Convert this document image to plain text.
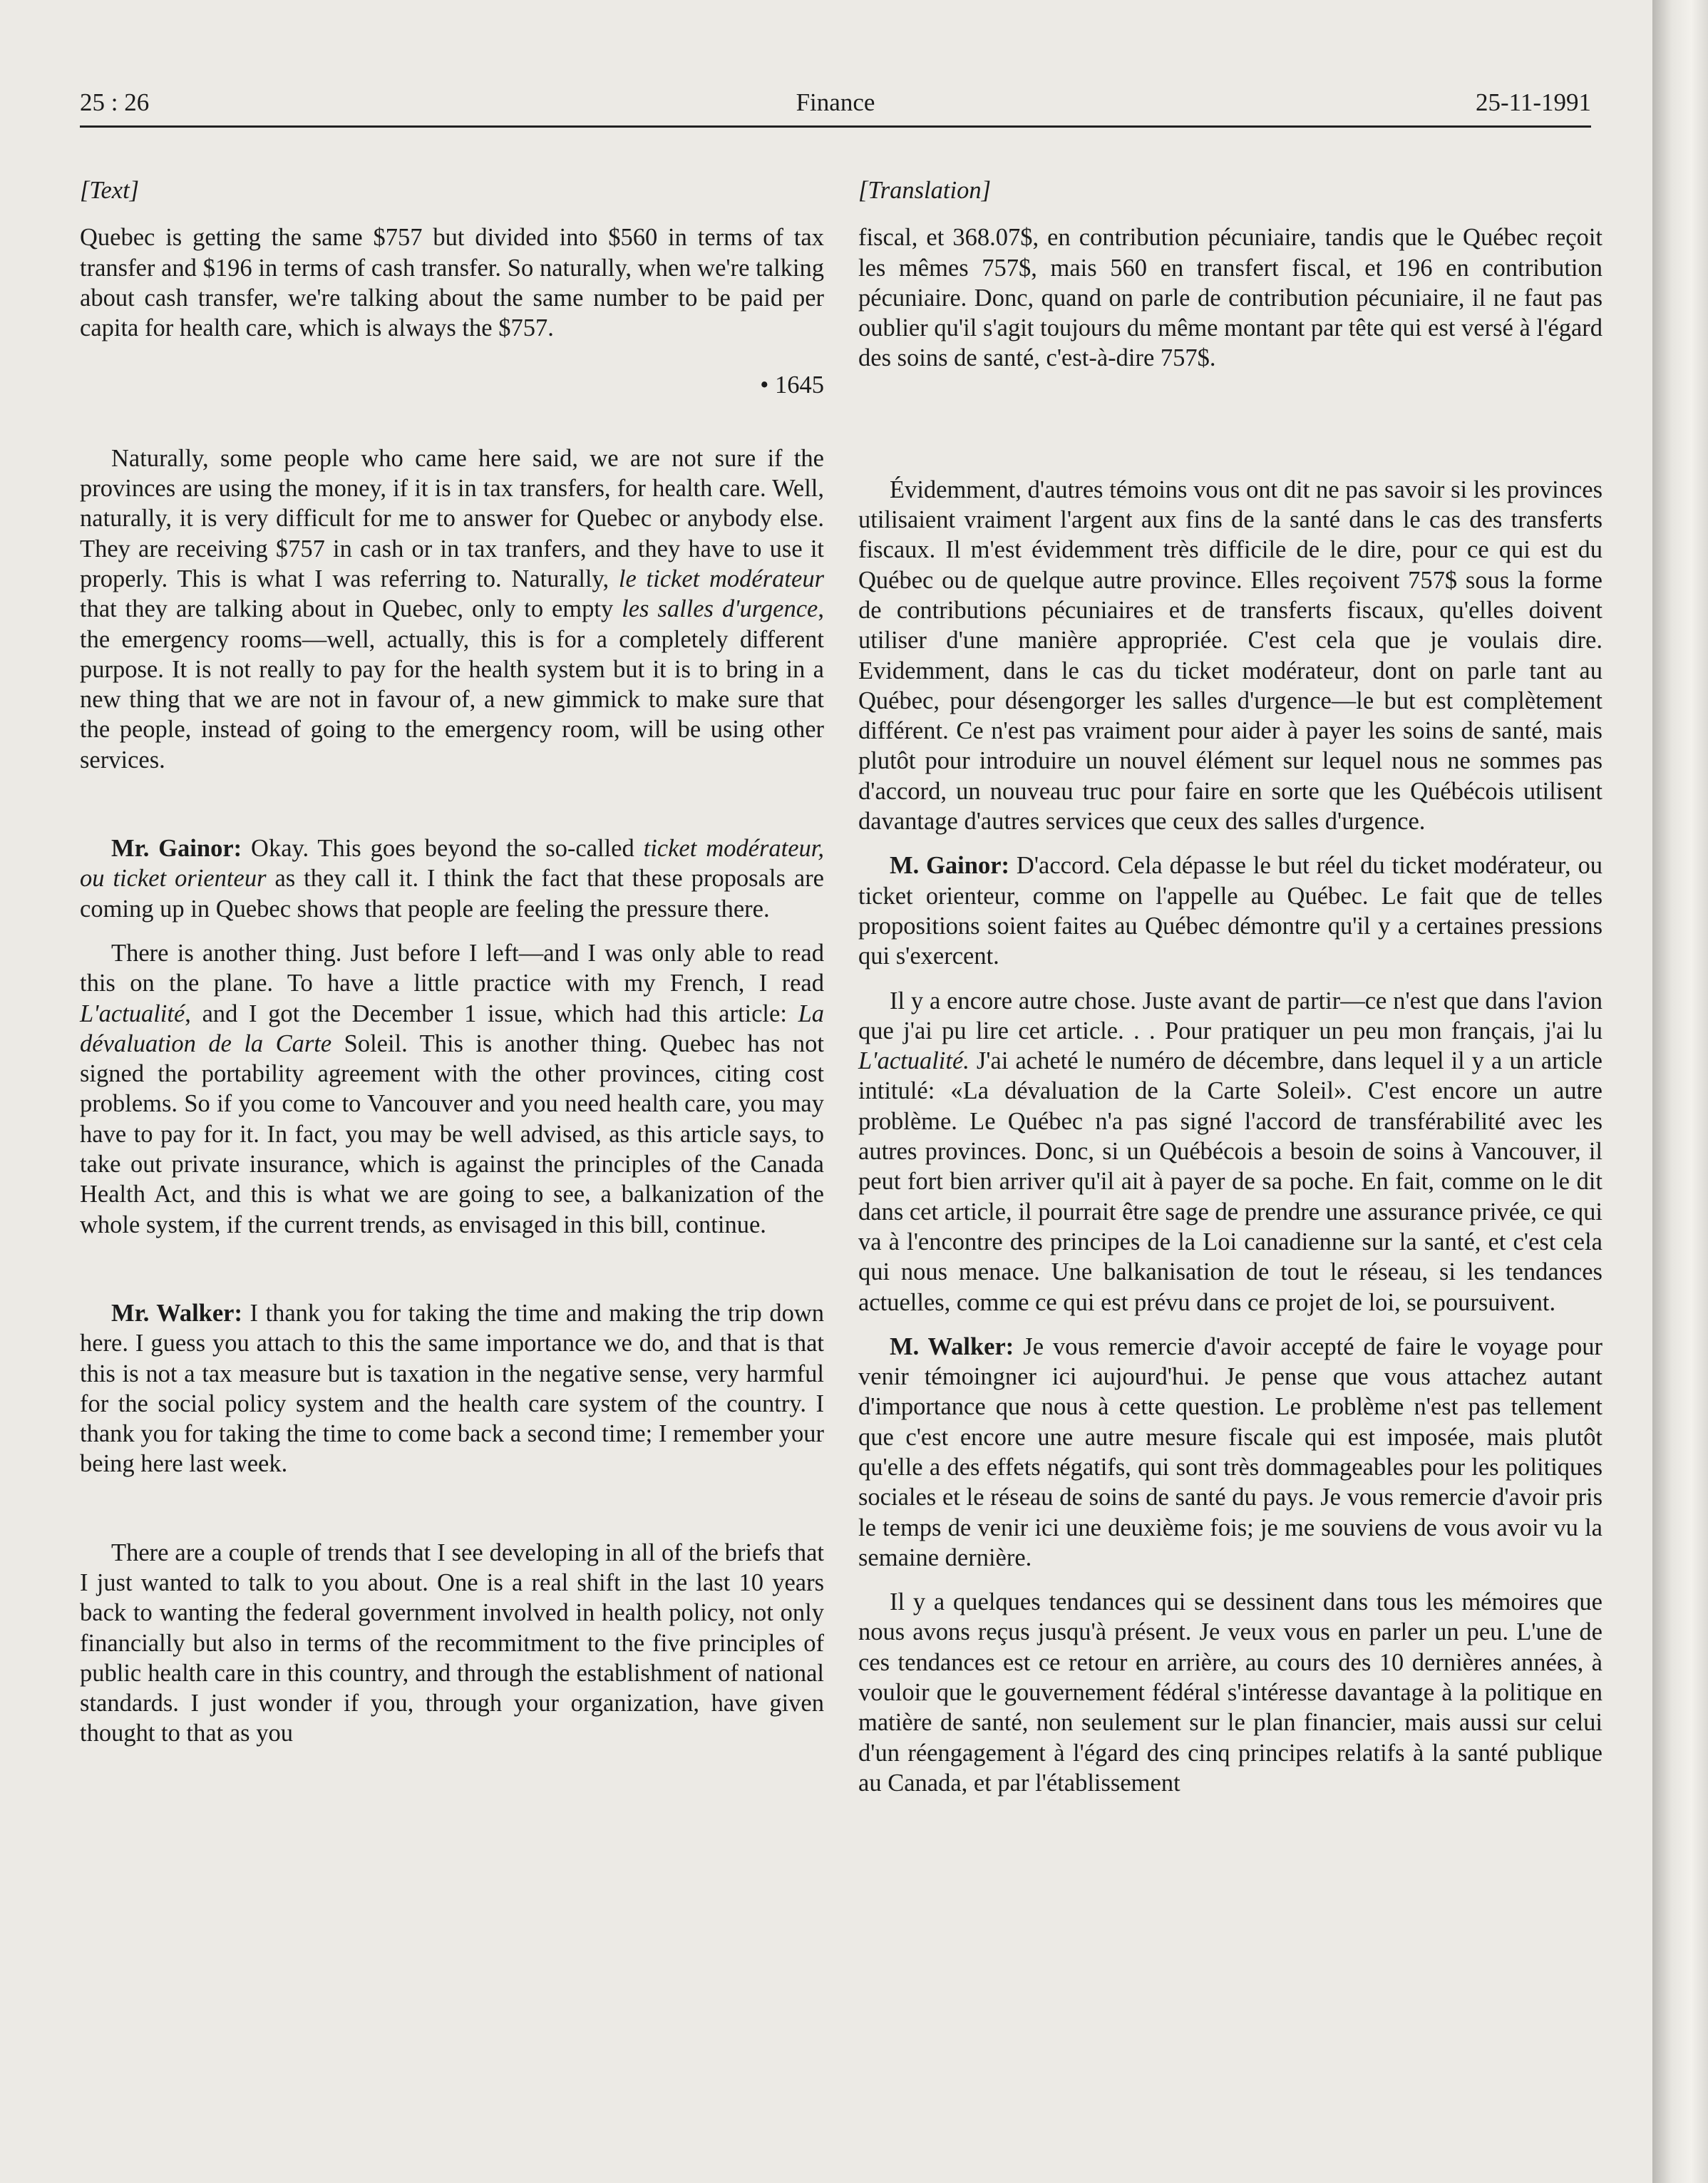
25 : 26	Finance	25-11-1991
[Text]

Quebec is getting the same $757 but divided into $560 in terms of tax transfer and $196 in terms of cash transfer. So naturally, when we're talking about cash transfer, we're talking about the same number to be paid per capita for health care, which is always the $757.

• 1645

Naturally, some people who came here said, we are not sure if the provinces are using the money, if it is in tax transfers, for health care. Well, naturally, it is very difficult for me to answer for Quebec or anybody else. They are receiving $757 in cash or in tax tranfers, and they have to use it properly. This is what I was referring to. Naturally, le ticket modérateur that they are talking about in Quebec, only to empty les salles d'urgence, the emergency rooms—well, actually, this is for a completely different purpose. It is not really to pay for the health system but it is to bring in a new thing that we are not in favour of, a new gimmick to make sure that the people, instead of going to the emergency room, will be using other services.

Mr. Gainor: Okay. This goes beyond the so-called ticket modérateur, ou ticket orienteur as they call it. I think the fact that these proposals are coming up in Quebec shows that people are feeling the pressure there.

There is another thing. Just before I left—and I was only able to read this on the plane. To have a little practice with my French, I read L'actualité, and I got the December 1 issue, which had this article: La dévaluation de la Carte Soleil. This is another thing. Quebec has not signed the portability agreement with the other provinces, citing cost problems. So if you come to Vancouver and you need health care, you may have to pay for it. In fact, you may be well advised, as this article says, to take out private insurance, which is against the principles of the Canada Health Act, and this is what we are going to see, a balkanization of the whole system, if the current trends, as envisaged in this bill, continue.

Mr. Walker: I thank you for taking the time and making the trip down here. I guess you attach to this the same importance we do, and that is that this is not a tax measure but is taxation in the negative sense, very harmful for the social policy system and the health care system of the country. I thank you for taking the time to come back a second time; I remember your being here last week.

There are a couple of trends that I see developing in all of the briefs that I just wanted to talk to you about. One is a real shift in the last 10 years back to wanting the federal government involved in health policy, not only financially but also in terms of the recommitment to the five principles of public health care in this country, and through the establishment of national standards. I just wonder if you, through your organization, have given thought to that as you

[Translation]

fiscal, et 368.07$, en contribution pécuniaire, tandis que le Québec reçoit les mêmes 757$, mais 560 en transfert fiscal, et 196 en contribution pécuniaire. Donc, quand on parle de contribution pécuniaire, il ne faut pas oublier qu'il s'agit toujours du même montant par tête qui est versé à l'égard des soins de santé, c'est-à-dire 757$.

Évidemment, d'autres témoins vous ont dit ne pas savoir si les provinces utilisaient vraiment l'argent aux fins de la santé dans le cas des transferts fiscaux. Il m'est évidemment très difficile de le dire, pour ce qui est du Québec ou de quelque autre province. Elles reçoivent 757$ sous la forme de contributions pécuniaires et de transferts fiscaux, qu'elles doivent utiliser d'une manière appropriée. C'est cela que je voulais dire. Evidemment, dans le cas du ticket modérateur, dont on parle tant au Québec, pour désengorger les salles d'urgence—le but est complètement différent. Ce n'est pas vraiment pour aider à payer les soins de santé, mais plutôt pour introduire un nouvel élément sur lequel nous ne sommes pas d'accord, un nouveau truc pour faire en sorte que les Québécois utilisent davantage d'autres services que ceux des salles d'urgence.

M. Gainor: D'accord. Cela dépasse le but réel du ticket modérateur, ou ticket orienteur, comme on l'appelle au Québec. Le fait que de telles propositions soient faites au Québec démontre qu'il y a certaines pressions qui s'exercent.

Il y a encore autre chose. Juste avant de partir—ce n'est que dans l'avion que j'ai pu lire cet article. . . Pour pratiquer un peu mon français, j'ai lu L'actualité. J'ai acheté le numéro de décembre, dans lequel il y a un article intitulé: «La dévaluation de la Carte Soleil». C'est encore un autre problème. Le Québec n'a pas signé l'accord de transférabilité avec les autres provinces. Donc, si un Québécois a besoin de soins à Vancouver, il peut fort bien arriver qu'il ait à payer de sa poche. En fait, comme on le dit dans cet article, il pourrait être sage de prendre une assurance privée, ce qui va à l'encontre des principes de la Loi canadienne sur la santé, et c'est cela qui nous menace. Une balkanisation de tout le réseau, si les tendances actuelles, comme ce qui est prévu dans ce projet de loi, se poursuivent.

M. Walker: Je vous remercie d'avoir accepté de faire le voyage pour venir témoingner ici aujourd'hui. Je pense que vous attachez autant d'importance que nous à cette question. Le problème n'est pas tellement que c'est encore une autre mesure fiscale qui est imposée, mais plutôt qu'elle a des effets négatifs, qui sont très dommageables pour les politiques sociales et le réseau de soins de santé du pays. Je vous remercie d'avoir pris le temps de venir ici une deuxième fois; je me souviens de vous avoir vu la semaine dernière.

Il y a quelques tendances qui se dessinent dans tous les mémoires que nous avons reçus jusqu'à présent. Je veux vous en parler un peu. L'une de ces tendances est ce retour en arrière, au cours des 10 dernières années, à vouloir que le gouvernement fédéral s'intéresse davantage à la politique en matière de santé, non seulement sur le plan financier, mais aussi sur celui d'un réengagement à l'égard des cinq principes relatifs à la santé publique au Canada, et par l'établissement
